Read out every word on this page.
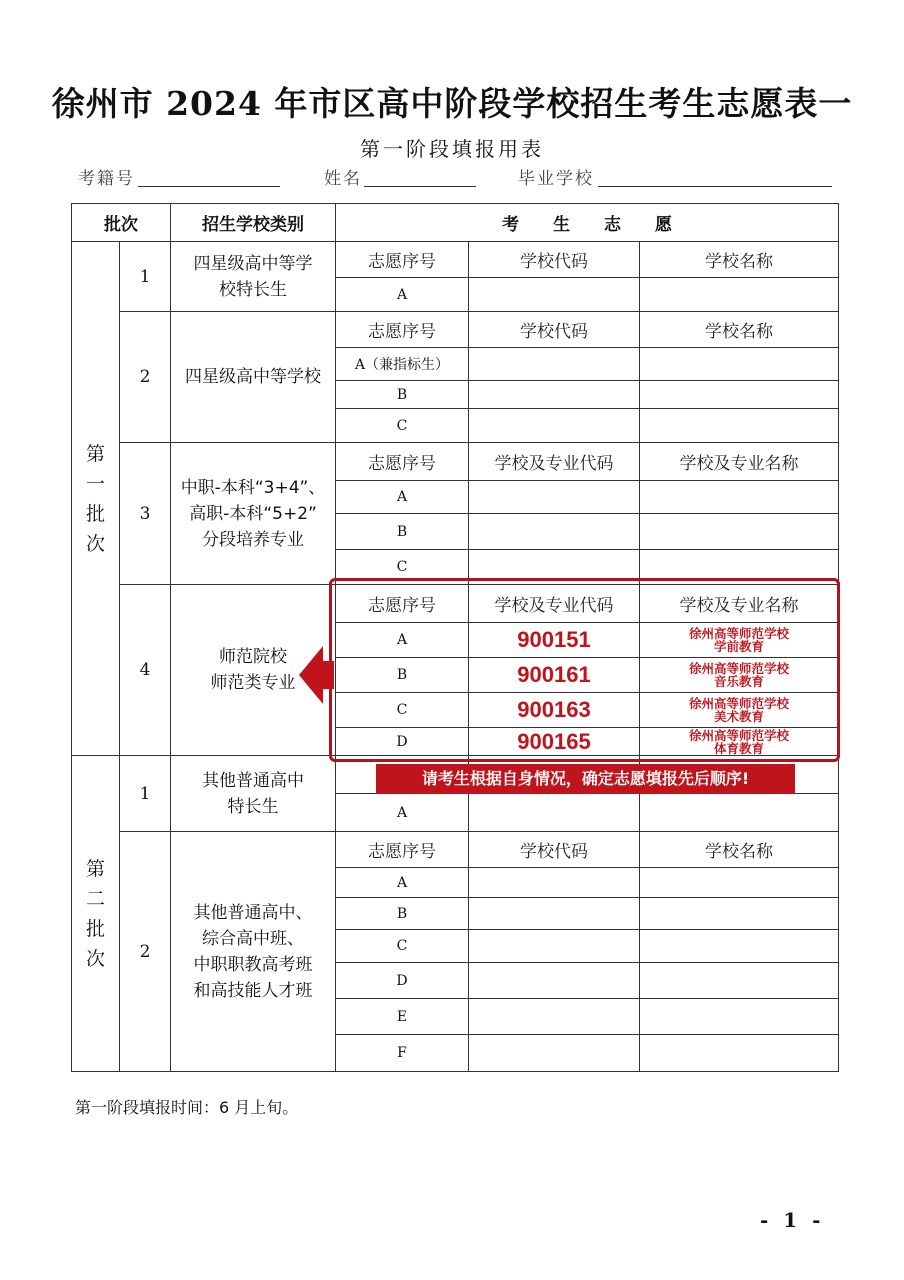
徐州市 2024 年市区高中阶段学校招生考生志愿表一
第一阶段填报用表
考籍号	姓名	毕业学校
批次		招生学校类别	考　　生　　志　　愿		
第一批次	1	四星级高中等学校特长生	志愿序号	学校代码	学校名称
			A		
	2	四星级高中等学校	志愿序号	学校代码	学校名称
			A（兼指标生）		
			B		
			C		
	3	中职-本科“3+4”、
高职-本科“5+2”
分段培养专业	志愿序号	学校及专业代码	学校及专业名称
			A		
			B		
			C		
	4	师范院校
师范类专业	志愿序号	学校及专业代码	学校及专业名称
			A	900151	徐州高等师范学校
学前教育

			B	900161	徐州高等师范学校
音乐教育

			C	900163	徐州高等师范学校
美术教育

			D	900165	徐州高等师范学校
体育教育

第二批次	1	其他普通高中
特长生			

			A		
	2	其他普通高中、
综合高中班、
中职职教高考班
和高技能人才班	志愿序号	学校代码	学校名称
			A		
			B		
			C		
			D		
			E		
			F		
请考生根据自身情况，确定志愿填报先后顺序!
第一阶段填报时间：6 月上旬。
- 1 -
